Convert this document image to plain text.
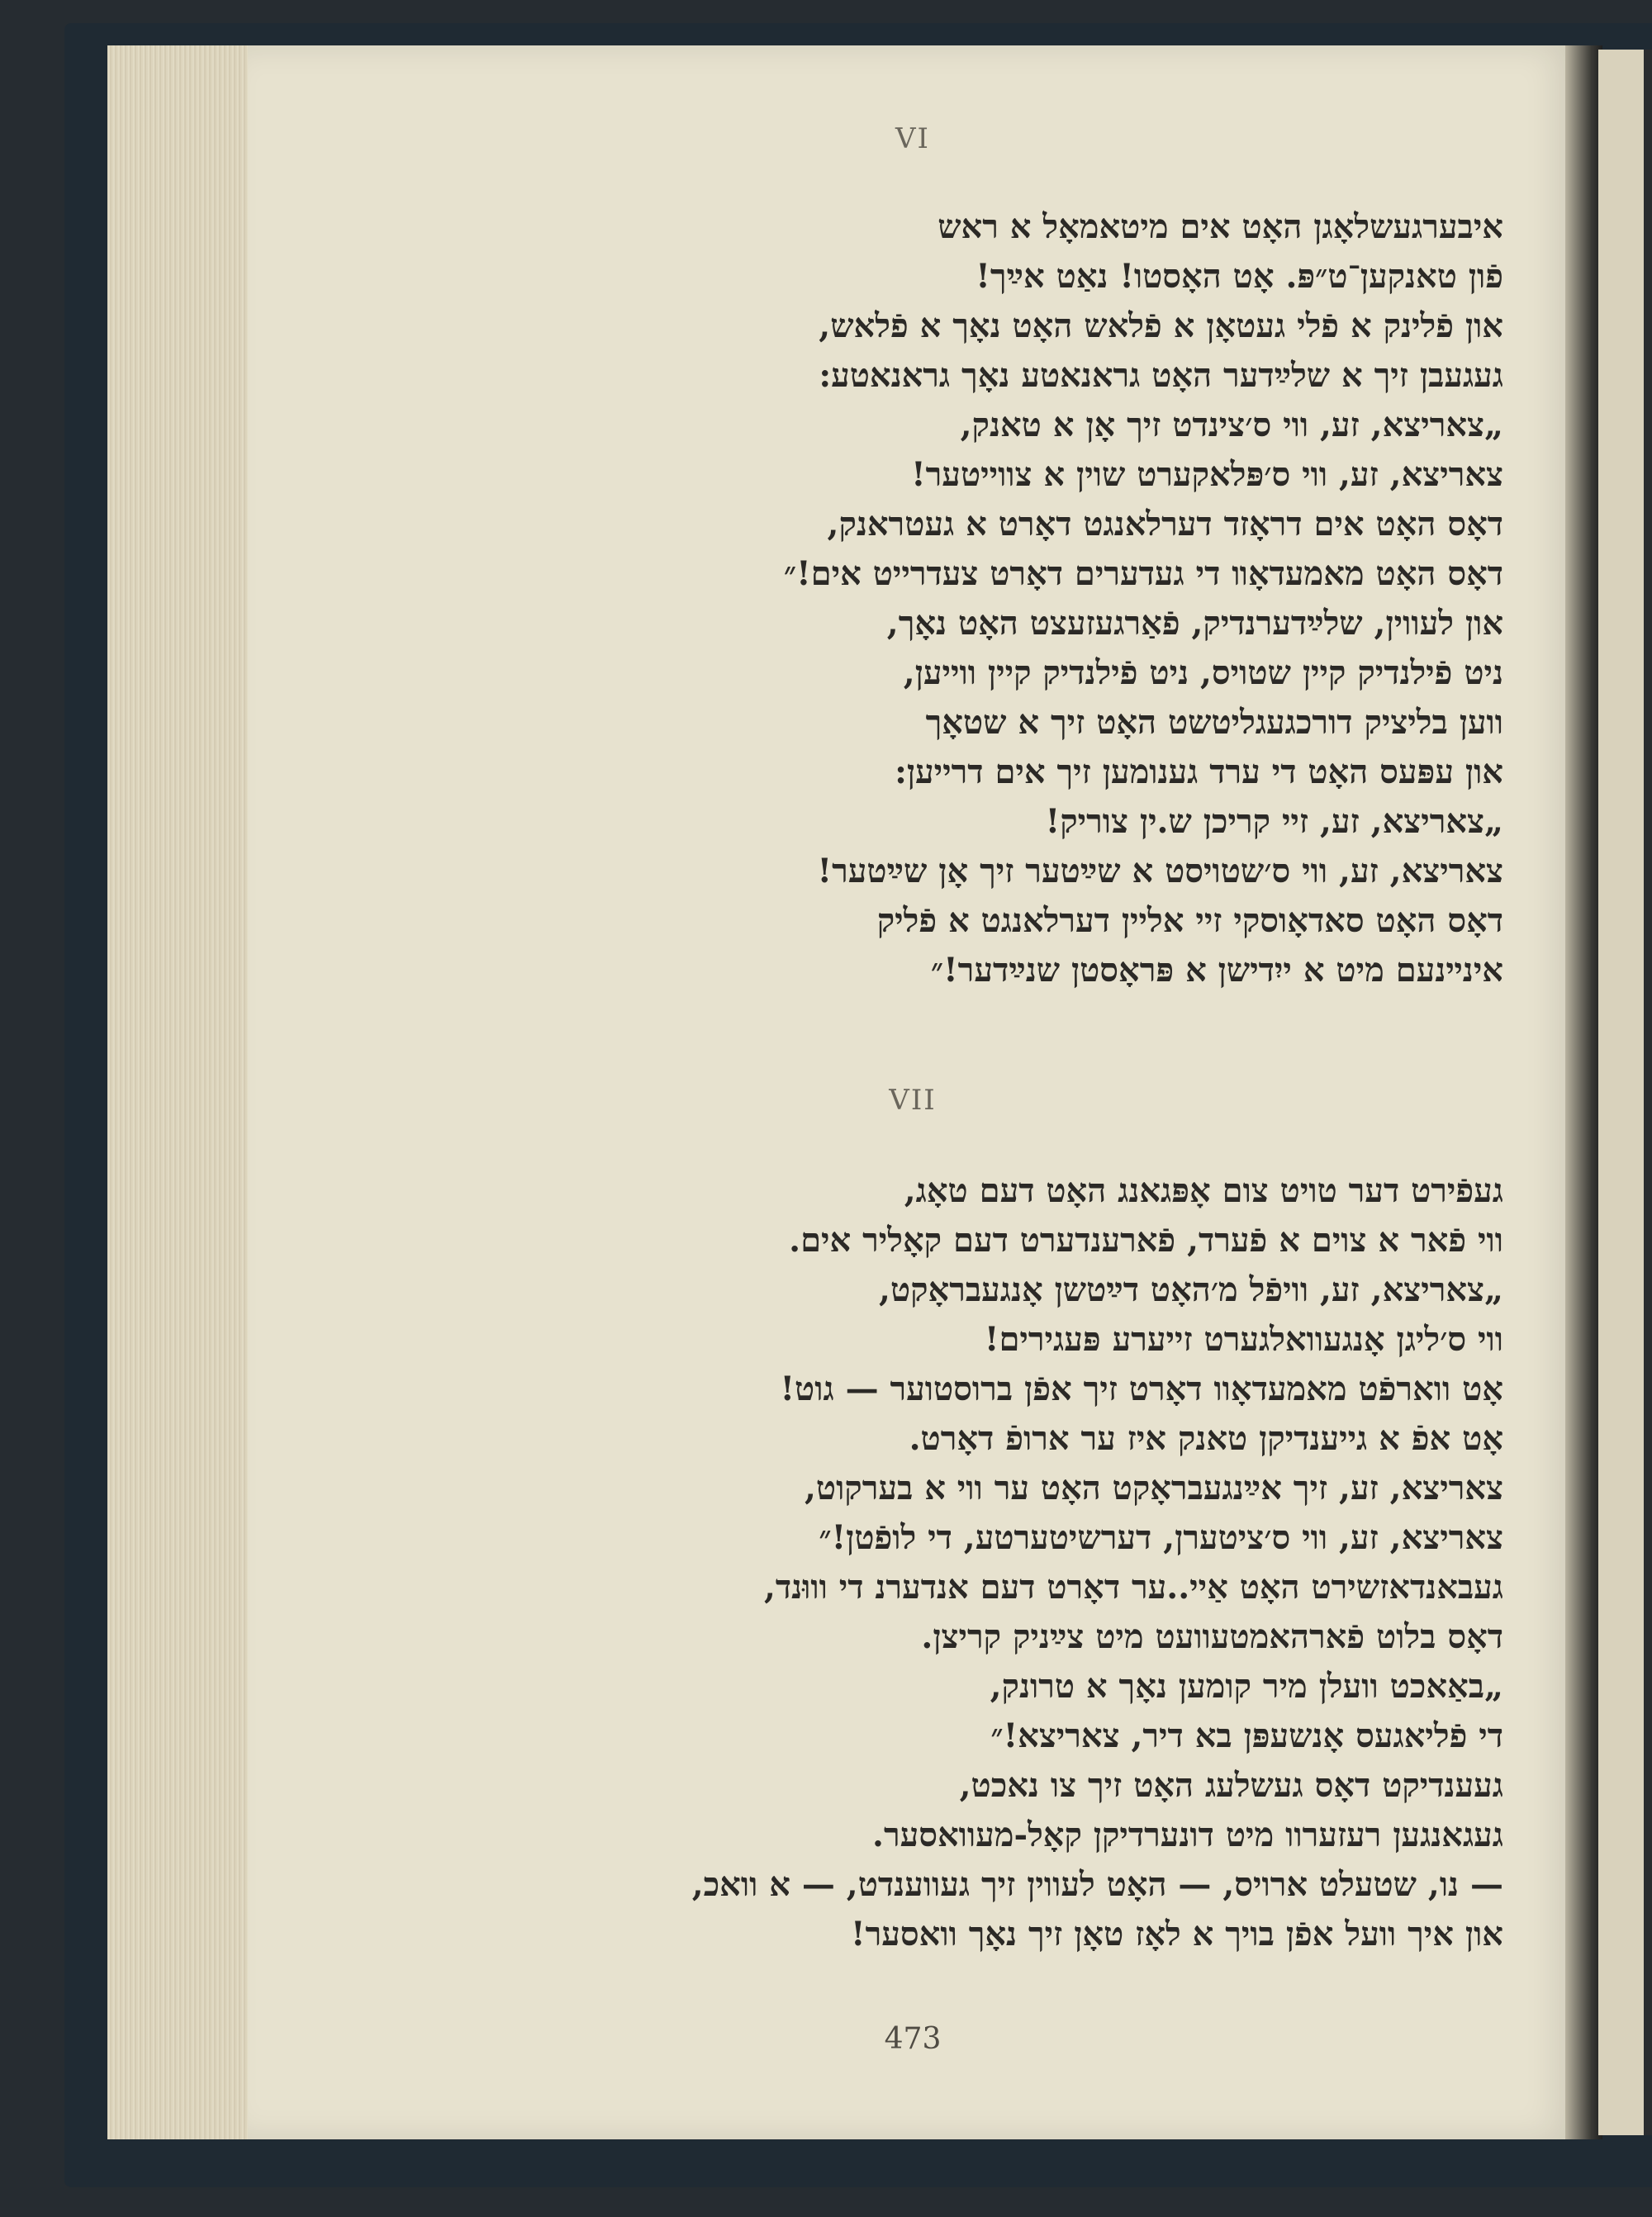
VI
איבערגעשלאָגן האָט אים מיטאמאָל א ראש
פֿון טאנקען־ט״פּ. אָט האָסטו! נאַט אײַך!
און פֿלינק א פֿלי געטאָן א פֿלאש האָט נאָך א פֿלאש,
געגעבן זיך א שלײַדער האָט גראנאטע נאָך גראנאטע:
„צאריצא, זע, ווי ס׳צינדט זיך אָן א טאנק,
צאריצא, זע, ווי ס׳פּלאקערט שוין א צווייטער!
דאָס האָט אים דראָזד דערלאנגט דאָרט א געטראנק,
דאָס האָט מאמעדאָװ די געדערים דאָרט צעדרייט אים!״
און לעווין, שלײַדערנדיק, פֿאַרגעזעצט האָט נאָך,
ניט פֿילנדיק קיין שטויס, ניט פֿילנדיק קיין ווייען,
ווען בליציק דורכגעגליטשט האָט זיך א שטאָך
און עפּעס האָט די ערד גענומען זיך אים דרייען:
„צאריצא, זע, זיי קריכן ש.ין צוריק!
צאריצא, זע, ווי ס׳שטויסט א שײַטער זיך אָן שײַטער!
דאָס האָט סאדאָוסקי זיי אליין דערלאנגט א פֿליק
אינײנעם מיט א ייִדישן א פּראָסטן שנײַדער!״
VII
געפֿירט דער טויט צום אָפּגאנג האָט דעם טאָג,
ווי פֿאר א צוים א פֿערד, פֿארענדערט דעם קאָליר אים.
„צאריצא, זע, וויפֿל מ׳האָט דײַטשן אָנגעבראָקט,
ווי ס׳ליגן אָנגעוואלגערט זייערע פּעגירים!
אָט ווארפֿט מאמעדאָוו דאָרט זיך אפֿן ברוסטוער — גוט!
אָט אפֿ א גייענדיקן טאנק איז ער ארופֿ דאָרט.
צאריצא, זע, זיך אײַנגעבראָקט האָט ער ווי א בערקוט,
צאריצא, זע, ווי ס׳ציטערן, דערשיטערטע, די לופֿטן!״
געבאנדאזשירט האָט אַיי..ער דאָרט דעם אנדערנ די וווּנד,
דאָס בלוט פֿארהאמטעוועט מיט צײַניק קריצן.
„באַאכט וועלן מיר קומען נאָך א טרונק,
די פֿליאגעס אָנשעפּן בא דיר, צאריצא!״
געענדיקט דאָס געשלעג האָט זיך צו נאכט,
געגאנגען רעזערוו מיט דונערדיקן קאָל-מעוואסער.
— נו, שטעלט ארויס, — האָט לעווין זיך געווענדט, — א וואכ,
און איך וועל אפֿן בויך א לאָז טאָן זיך נאָך וואסער!
473
